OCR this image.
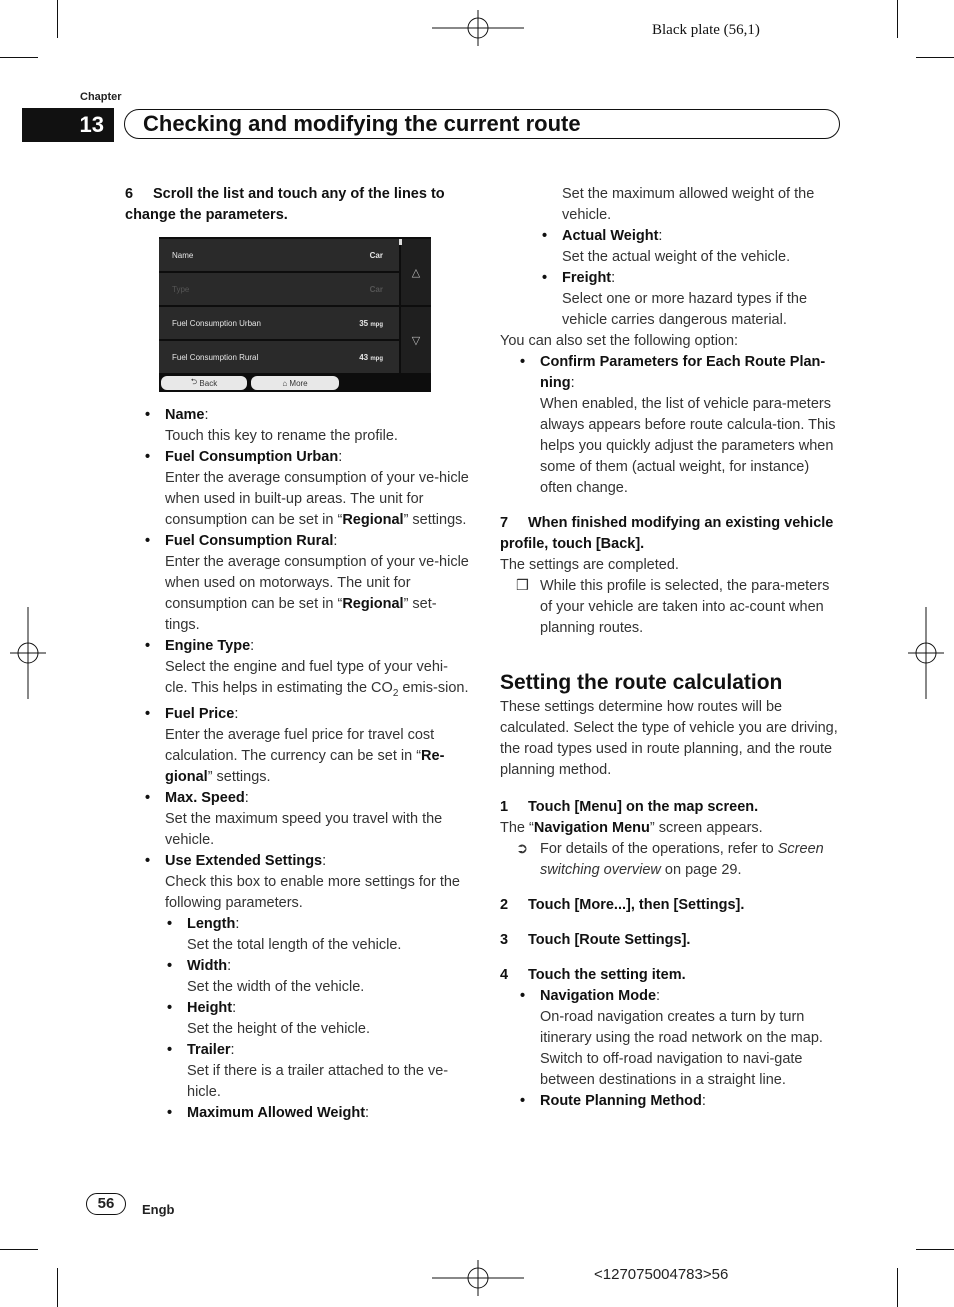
Black plate (56,1)
Chapter
13	Checking and modifying the current route

6 Scroll the list and touch any of the lines to change the parameters.

Name	Car
Type	Car
Fuel Consumption Urban	35 mpg
Fuel Consumption Rural	43 mpg
△
▽
⮌ Back	⌂ More

• Name:

Touch this key to rename the profile.

• Fuel Consumption Urban:

Enter the average consumption of your ve-hicle when used in built-up areas. The unit for consumption can be set in “Regional” settings.

• Fuel Consumption Rural:

Enter the average consumption of your ve-hicle when used on motorways. The unit for consumption can be set in “Regional” set-tings.

• Engine Type:

Select the engine and fuel type of your vehi-cle. This helps in estimating the $CO_2$ emis-sion.

• Fuel Price:

Enter the average fuel price for travel cost calculation. The currency can be set in “Re-gional” settings.

• Max. Speed:

Set the maximum speed you travel with the vehicle.

• Use Extended Settings:

Check this box to enable more settings for the following parameters.

• Length:

Set the total length of the vehicle.

• Width:

Set the width of the vehicle.

• Height:

Set the height of the vehicle.

• Trailer:

Set if there is a trailer attached to the ve-hicle.

• Maximum Allowed Weight:

Set the maximum allowed weight of the vehicle.

• Actual Weight:

Set the actual weight of the vehicle.

• Freight:

Select one or more hazard types if the vehicle carries dangerous material.

You can also set the following option:

• Confirm Parameters for Each Route Plan-ning:

When enabled, the list of vehicle para-meters always appears before route calcula-tion. This helps you quickly adjust the parameters when some of them (actual weight, for instance) often change.

7 When finished modifying an existing vehicle profile, touch [Back].

The settings are completed.

❒ While this profile is selected, the para-meters of your vehicle are taken into ac-count when planning routes.

Setting the route calculation

These settings determine how routes will be calculated. Select the type of vehicle you are driving, the road types used in route planning, and the route planning method.

1 Touch [Menu] on the map screen.

The “Navigation Menu” screen appears.

➲ For details of the operations, refer to Screen switching overview on page 29.

2 Touch [More...], then [Settings].

3 Touch [Route Settings].

4 Touch the setting item.

• Navigation Mode:

On-road navigation creates a turn by turn itinerary using the road network on the map. Switch to off-road navigation to navi-gate between destinations in a straight line.

• Route Planning Method:

56	Engb
<127075004783>56
